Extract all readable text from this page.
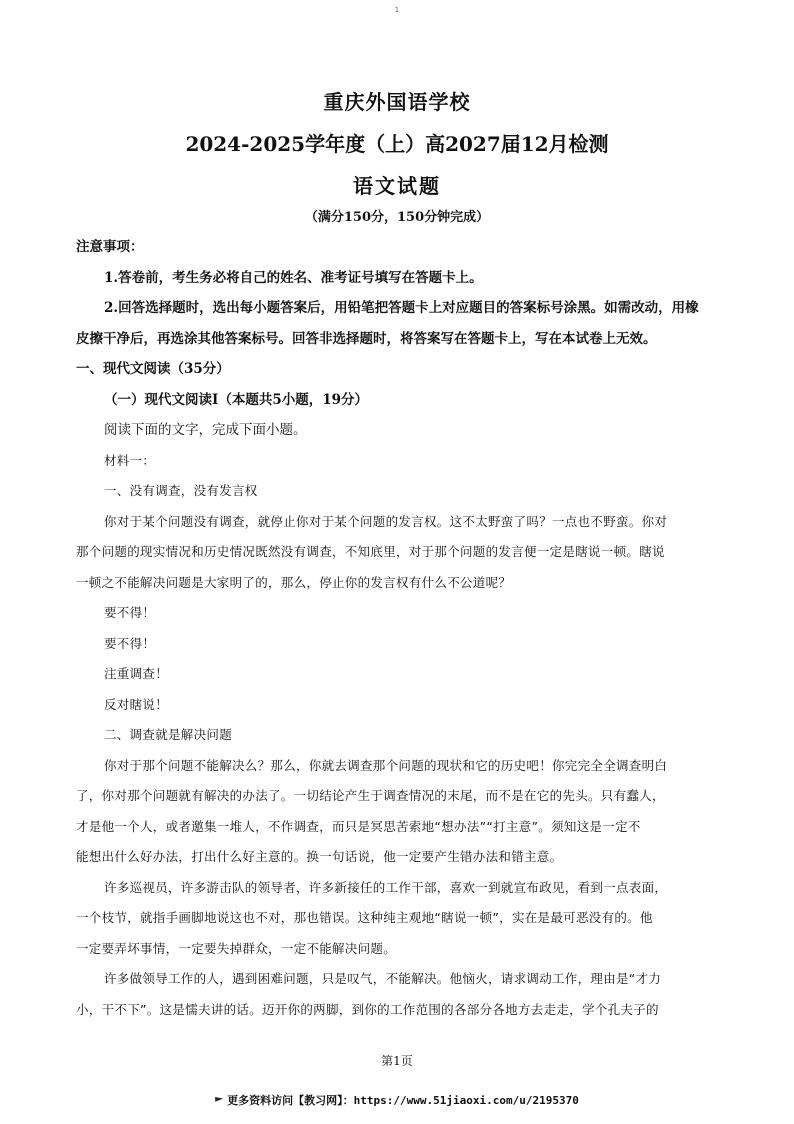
1
重庆外国语学校
2024-2025学年度（上）高2027届12月检测
语文试题
（满分150分，150分钟完成）
注意事项：
1.答卷前，考生务必将自己的姓名、准考证号填写在答题卡上。
2.回答选择题时，选出每小题答案后，用铅笔把答题卡上对应题目的答案标号涂黑。如需改动，用橡
皮擦干净后，再选涂其他答案标号。回答非选择题时，将答案写在答题卡上，写在本试卷上无效。
一、现代文阅读（35分）
（一）现代文阅读Ⅰ（本题共5小题，19分）
阅读下面的文字，完成下面小题。
材料一：
一、没有调查，没有发言权
你对于某个问题没有调查，就停止你对于某个问题的发言权。这不太野蛮了吗？一点也不野蛮。你对
那个问题的现实情况和历史情况既然没有调查，不知底里，对于那个问题的发言便一定是瞎说一顿。瞎说
一顿之不能解决问题是大家明了的，那么，停止你的发言权有什么不公道呢？
要不得！
要不得！
注重调查！
反对瞎说！
二、调查就是解决问题
你对于那个问题不能解决么？那么，你就去调查那个问题的现状和它的历史吧！你完完全全调查明白
了，你对那个问题就有解决的办法了。一切结论产生于调查情况的末尾，而不是在它的先头。只有蠢人，
才是他一个人，或者邀集一堆人，不作调查，而只是冥思苦索地“想办法”“打主意”。须知这是一定不
能想出什么好办法，打出什么好主意的。换一句话说，他一定要产生错办法和错主意。
许多巡视员，许多游击队的领导者，许多新接任的工作干部，喜欢一到就宣布政见，看到一点表面，
一个枝节，就指手画脚地说这也不对，那也错误。这种纯主观地“瞎说一顿”，实在是最可恶没有的。他
一定要弄坏事情，一定要失掉群众，一定不能解决问题。
许多做领导工作的人，遇到困难问题，只是叹气，不能解决。他恼火，请求调动工作，理由是“才力
小，干不下”。这是懦夫讲的话。迈开你的两脚，到你的工作范围的各部分各地方去走走，学个孔夫子的
第1页
更多资料访问【教习网】：https://www.51jiaoxi.com/u/2195370
